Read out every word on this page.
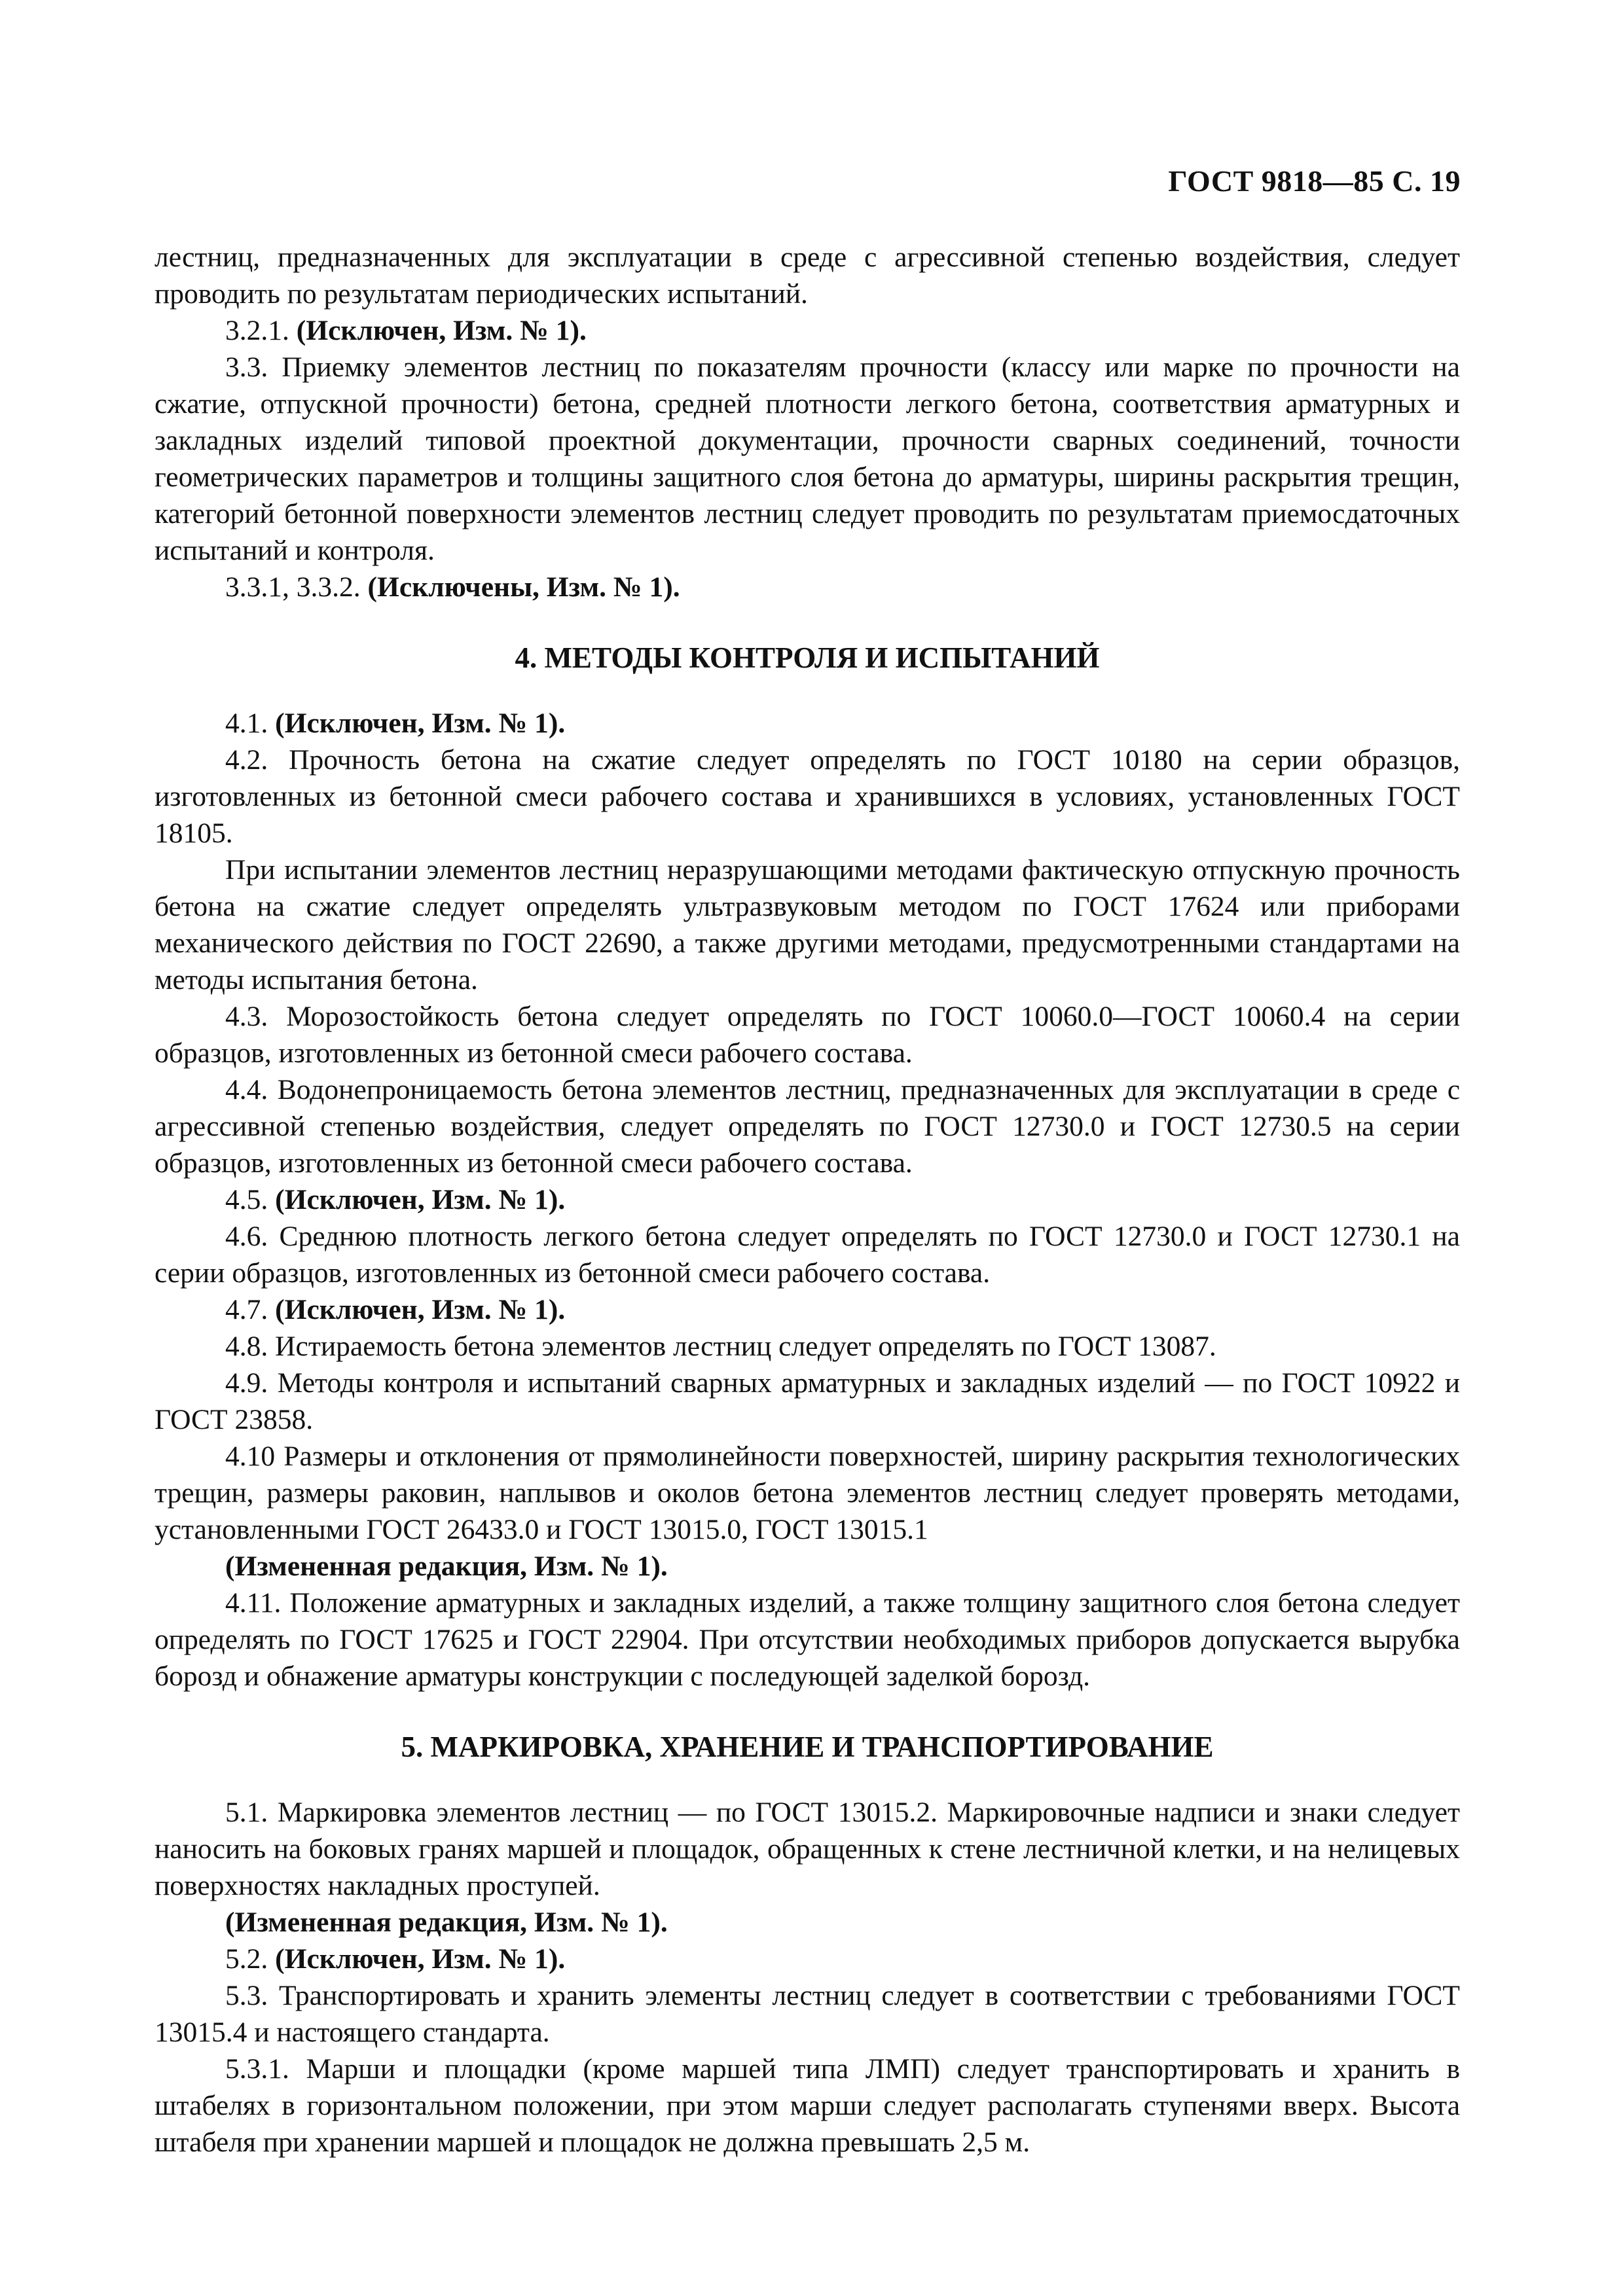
ГОСТ 9818—85 С. 19

лестниц, предназначенных для эксплуатации в среде с агрессивной степенью воздействия, следует проводить по результатам периодических испытаний.

3.2.1. (Исключен, Изм. № 1).

3.3. Приемку элементов лестниц по показателям прочности (классу или марке по прочности на сжатие, отпускной прочности) бетона, средней плотности легкого бетона, соответствия арматурных и закладных изделий типовой проектной документации, прочности сварных соединений, точности геометрических параметров и толщины защитного слоя бетона до арматуры, ширины раскрытия трещин, категорий бетонной поверхности элементов лестниц следует проводить по результатам приемосдаточных испытаний и контроля.

3.3.1, 3.3.2. (Исключены, Изм. № 1).

4. МЕТОДЫ КОНТРОЛЯ И ИСПЫТАНИЙ

4.1. (Исключен, Изм. № 1).

4.2. Прочность бетона на сжатие следует определять по ГОСТ 10180 на серии образцов, изготовленных из бетонной смеси рабочего состава и хранившихся в условиях, установленных ГОСТ 18105.

При испытании элементов лестниц неразрушающими методами фактическую отпускную прочность бетона на сжатие следует определять ультразвуковым методом по ГОСТ 17624 или приборами механического действия по ГОСТ 22690, а также другими методами, предусмотренными стандартами на методы испытания бетона.

4.3. Морозостойкость бетона следует определять по ГОСТ 10060.0—ГОСТ 10060.4 на серии образцов, изготовленных из бетонной смеси рабочего состава.

4.4. Водонепроницаемость бетона элементов лестниц, предназначенных для эксплуатации в среде с агрессивной степенью воздействия, следует определять по ГОСТ 12730.0 и ГОСТ 12730.5 на серии образцов, изготовленных из бетонной смеси рабочего состава.

4.5. (Исключен, Изм. № 1).

4.6. Среднюю плотность легкого бетона следует определять по ГОСТ 12730.0 и ГОСТ 12730.1 на серии образцов, изготовленных из бетонной смеси рабочего состава.

4.7. (Исключен, Изм. № 1).

4.8. Истираемость бетона элементов лестниц следует определять по ГОСТ 13087.

4.9. Методы контроля и испытаний сварных арматурных и закладных изделий — по ГОСТ 10922 и ГОСТ 23858.

4.10 Размеры и отклонения от прямолинейности поверхностей, ширину раскрытия технологических трещин, размеры раковин, наплывов и околов бетона элементов лестниц следует проверять методами, установленными ГОСТ 26433.0 и ГОСТ 13015.0, ГОСТ 13015.1

(Измененная редакция, Изм. № 1).

4.11. Положение арматурных и закладных изделий, а также толщину защитного слоя бетона следует определять по ГОСТ 17625 и ГОСТ 22904. При отсутствии необходимых приборов допускается вырубка борозд и обнажение арматуры конструкции с последующей заделкой борозд.

5. МАРКИРОВКА, ХРАНЕНИЕ И ТРАНСПОРТИРОВАНИЕ

5.1. Маркировка элементов лестниц — по ГОСТ 13015.2. Маркировочные надписи и знаки следует наносить на боковых гранях маршей и площадок, обращенных к стене лестничной клетки, и на нелицевых поверхностях накладных проступей.

(Измененная редакция, Изм. № 1).

5.2. (Исключен, Изм. № 1).

5.3. Транспортировать и хранить элементы лестниц следует в соответствии с требованиями ГОСТ 13015.4 и настоящего стандарта.

5.3.1. Марши и площадки (кроме маршей типа ЛМП) следует транспортировать и хранить в штабелях в горизонтальном положении, при этом марши следует располагать ступенями вверх. Высота штабеля при хранении маршей и площадок не должна превышать 2,5 м.
